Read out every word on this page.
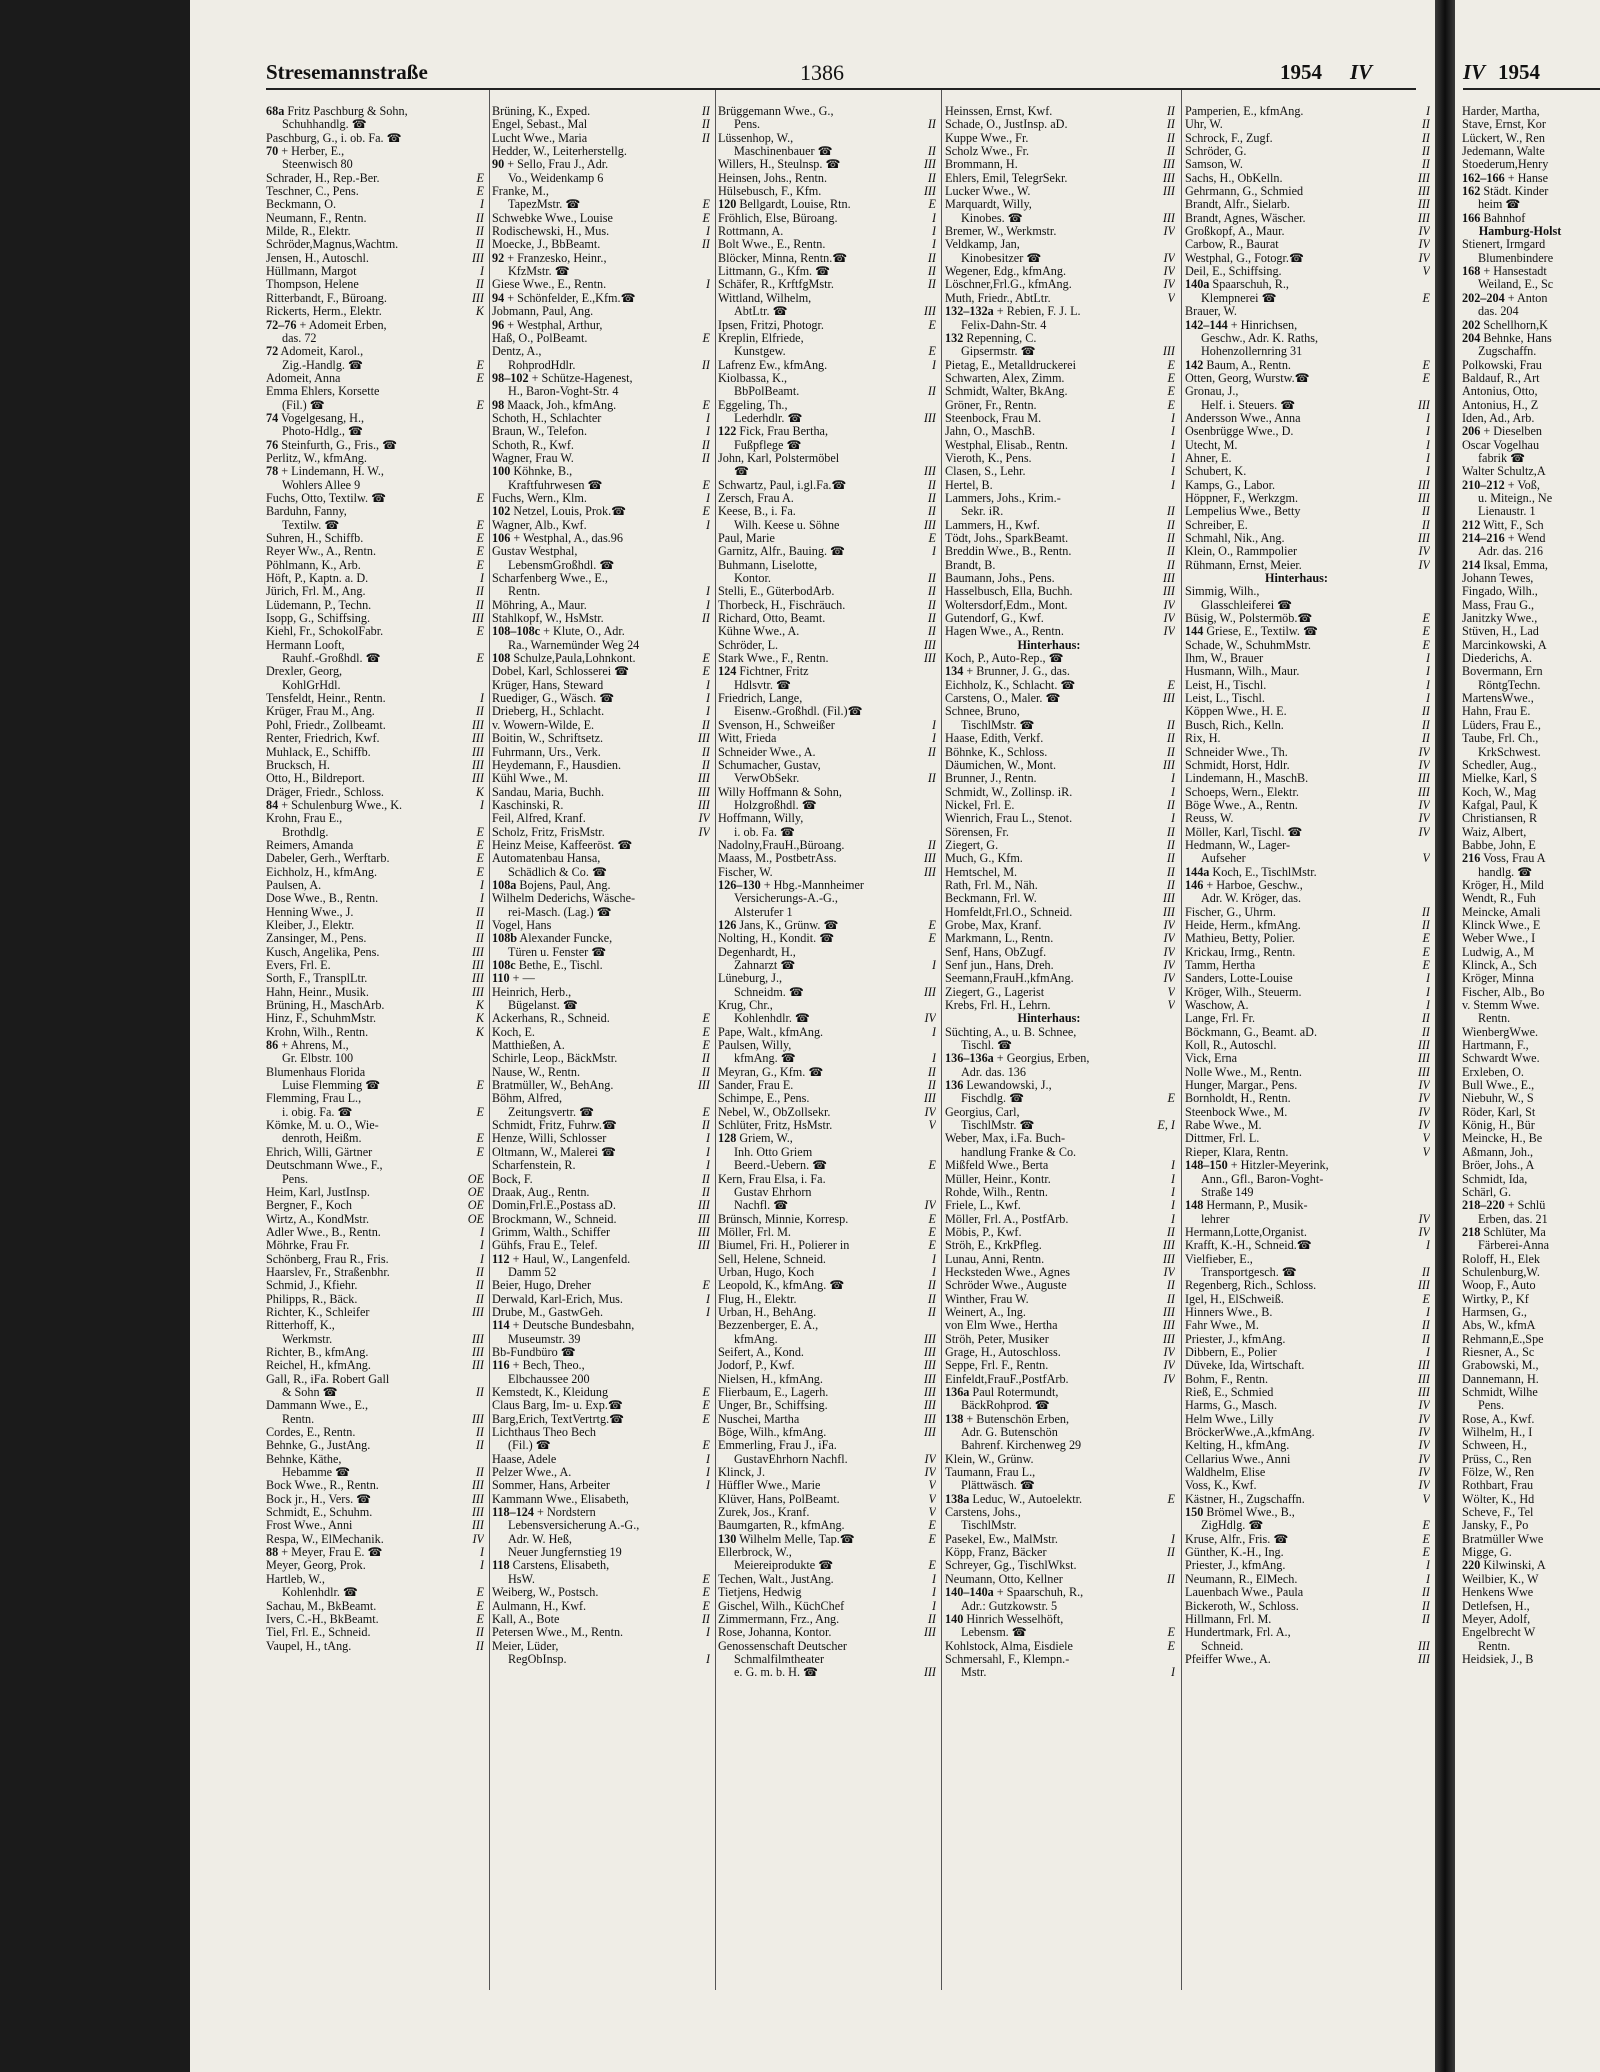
Stresemannstraße	1386	1954 IV	IV 1954
68a Fritz Paschburg & Sohn,
Schuhhandlg. ☎
Paschburg, G., i. ob. Fa. ☎
70 + Herber, E.,
Steenwisch 80
Schrader, H., Rep.-Ber.	E
Teschner, C., Pens.	E
Beckmann, O.	I
Neumann, F., Rentn.	II
Milde, R., Elektr.	II
Schröder,Magnus,Wachtm.	II
Jensen, H., Autoschl.	III
Hüllmann, Margot	I
Thompson, Helene	II
Ritterbandt, F., Büroang.	III
Rickerts, Herm., Elektr.	K
72–76 + Adomeit Erben,
das. 72
72 Adomeit, Karol.,
Zig.-Handlg. ☎	E
Adomeit, Anna	E
Emma Ehlers, Korsette
(Fil.) ☎	E
74 Vogelgesang, H.,
Photo-Hdlg., ☎
76 Steinfurth, G., Fris., ☎
Perlitz, W., kfmAng.
78 + Lindemann, H. W.,
Wohlers Allee 9
Fuchs, Otto, Textilw. ☎	E
Barduhn, Fanny,
Textilw. ☎	E
Suhren, H., Schiffb.	E
Reyer Ww., A., Rentn.	E
Pöhlmann, K., Arb.	E
Höft, P., Kaptn. a. D.	I
Jürich, Frl. M., Ang.	II
Lüdemann, P., Techn.	II
Isopp, G., Schiffsing.	III
Kiehl, Fr., SchokolFabr.	E
Hermann Looft,
Rauhf.-Großhdl. ☎	E
Drexler, Georg,
KohlGrHdl.
Tensfeldt, Heinr., Rentn.	I
Krüger, Frau M., Ang.	II
Pohl, Friedr., Zollbeamt.	III
Renter, Friedrich, Kwf.	III
Muhlack, E., Schiffb.	III
Brucksch, H.	III
Otto, H., Bildreport.	III
Dräger, Friedr., Schloss.	K
84 + Schulenburg Wwe., K.	I
Krohn, Frau E.,
Brothdlg.	E
Reimers, Amanda	E
Dabeler, Gerh., Werftarb.	E
Eichholz, H., kfmAng.	E
Paulsen, A.	I
Dose Wwe., B., Rentn.	I
Henning Wwe., J.	II
Kleiber, J., Elektr.	II
Zansinger, M., Pens.	II
Kusch, Angelika, Pens.	III
Evers, Frl. E.	III
Sorth, F., TransplLtr.	III
Hahn, Heinr., Musik.	III
Brüning, H., MaschArb.	K
Hinz, F., SchuhmMstr.	K
Krohn, Wilh., Rentn.	K
86 + Ahrens, M.,
Gr. Elbstr. 100
Blumenhaus Florida
Luise Flemming ☎	E
Flemming, Frau L.,
i. obig. Fa. ☎	E
Kömke, M. u. O., Wie-
denroth, Heißm.	E
Ehrich, Willi, Gärtner	E
Deutschmann Wwe., F.,
Pens.	OE
Heim, Karl, JustInsp.	OE
Bergner, F., Koch	OE
Wirtz, A., KondMstr.	OE
Adler Wwe., B., Rentn.	I
Möhrke, Frau Fr.	I
Schönberg, Frau R., Fris.	I
Haarslev, Fr., Straßenbhr.	II
Schmid, J., Kfiehr.	II
Philipps, R., Bäck.	II
Richter, K., Schleifer	III
Ritterhoff, K.,
Werkmstr.	III
Richter, B., kfmAng.	III
Reichel, H., kfmAng.	III
Gall, R., iFa. Robert Gall
& Sohn ☎	II
Dammann Wwe., E.,
Rentn.	III
Cordes, E., Rentn.	II
Behnke, G., JustAng.	II
Behnke, Käthe,
Hebamme ☎	II
Bock Wwe., R., Rentn.	III
Bock jr., H., Vers. ☎	III
Schmidt, E., Schuhm.	III
Frost Wwe., Anni	III
Respa, W., ElMechanik.	IV
88 + Meyer, Frau E. ☎	I
Meyer, Georg, Prok.	I
Hartleb, W.,
Kohlenhdlr. ☎	E
Sachau, M., BkBeamt.	E
Ivers, C.-H., BkBeamt.	E
Tiel, Frl. E., Schneid.	II
Vaupel, H., tAng.	II
Brüning, K., Exped.	II
Engel, Sebast., Mal	II
Lucht Wwe., Maria	II
Hedder, W., Leiterherstellg.
90 + Sello, Frau J., Adr.
Vo., Weidenkamp 6
Franke, M.,
TapezMstr. ☎	E
Schwebke Wwe., Louise	E
Rodischewski, H., Mus.	I
Moecke, J., BbBeamt.	II
92 + Franzesko, Heinr.,
KfzMstr. ☎
Giese Wwe., E., Rentn.	I
94 + Schönfelder, E.,Kfm.☎
Jobmann, Paul, Ang.
96 + Westphal, Arthur,
Haß, O., PolBeamt.	E
Dentz, A.,
RohprodHdlr.	II
98–102 + Schütze-Hagenest,
H., Baron-Voght-Str. 4
98 Maack, Joh., kfmAng.	E
Schoth, H., Schlachter	I
Braun, W., Telefon.	I
Schoth, R., Kwf.	II
Wagner, Frau W.	II
100 Köhnke, B.,
Kraftfuhrwesen ☎	E
Fuchs, Wern., Klm.	I
102 Netzel, Louis, Prok.☎	E
Wagner, Alb., Kwf.	I
106 + Westphal, A., das.96
Gustav Westphal,
LebensmGroßhdl. ☎
Scharfenberg Wwe., E.,
Rentn.	I
Möhring, A., Maur.	I
Stahlkopf, W., HsMstr.	II
108–108c + Klute, O., Adr.
Ra., Warnemünder Weg 24
108 Schulze,Paula,Lohnkont.	E
Dobel, Karl, Schlosserei ☎	E
Krüger, Hans, Steward	I
Ruediger, G., Wäsch. ☎	I
Drieberg, H., Schlacht.	I
v. Wowern-Wilde, E.	II
Boitin, W., Schriftsetz.	III
Fuhrmann, Urs., Verk.	II
Heydemann, F., Hausdien.	II
Kühl Wwe., M.	III
Sandau, Maria, Buchh.	III
Kaschinski, R.	III
Feil, Alfred, Kranf.	IV
Scholz, Fritz, FrisMstr.	IV
Heinz Meise, Kaffeeröst. ☎
Automatenbau Hansa,
Schädlich & Co. ☎
108a Bojens, Paul, Ang.
Wilhelm Dederichs, Wäsche-
rei-Masch. (Lag.) ☎
Vogel, Hans
108b Alexander Funcke,
Türen u. Fenster ☎
108c Bethe, E., Tischl.
110 + —
Heinrich, Herb.,
Bügelanst. ☎
Ackerhans, R., Schneid.	E
Koch, E.	E
Matthießen, A.	E
Schirle, Leop., BäckMstr.	II
Nause, W., Rentn.	II
Bratmüller, W., BehAng.	III
Böhm, Alfred,
Zeitungsvertr. ☎	E
Schmidt, Fritz, Fuhrw.☎	II
Henze, Willi, Schlosser	I
Oltmann, W., Malerei ☎	I
Scharfenstein, R.	I
Bock, F.	II
Draak, Aug., Rentn.	II
Domin,Frl.E.,Postass aD.	III
Brockmann, W., Schneid.	III
Grimm, Walth., Schiffer	III
Gühfs, Frau E., Telef.	III
112 + Haul, W., Langenfeld.
Damm 52
Beier, Hugo, Dreher	E
Derwald, Karl-Erich, Mus.	I
Drube, M., GastwGeh.	I
114 + Deutsche Bundesbahn,
Museumstr. 39
Bb-Fundbüro ☎
116 + Bech, Theo.,
Elbchaussee 200
Kemstedt, K., Kleidung	E
Claus Barg, Im- u. Exp.☎	E
Barg,Erich, TextVertrtg.☎	E
Lichthaus Theo Bech
(Fil.) ☎	E
Haase, Adele	I
Pelzer Wwe., A.	I
Sommer, Hans, Arbeiter	I
Kammann Wwe., Elisabeth,
118–124 + Nordstern
Lebensversicherung A.-G.,
Adr. W. Heß,
Neuer Jungfernstieg 19
118 Carstens, Elisabeth,
HsW.	E
Weiberg, W., Postsch.	E
Aulmann, H., Kwf.	E
Kall, A., Bote	II
Petersen Wwe., M., Rentn.	I
Meier, Lüder,
RegObInsp.	I
Brüggemann Wwe., G.,
Pens.	II
Lüssenhop, W.,
Maschinenbauer ☎	II
Willers, H., Steulnsp. ☎	III
Heinsen, Johs., Rentn.	II
Hülsebusch, F., Kfm.	III
120 Bellgardt, Louise, Rtn.	E
Fröhlich, Else, Büroang.	I
Rottmann, A.	I
Bolt Wwe., E., Rentn.	I
Blöcker, Minna, Rentn.☎	II
Littmann, G., Kfm. ☎	II
Schäfer, R., KrftfgMstr.	II
Wittland, Wilhelm,
AbtLtr. ☎	III
Ipsen, Fritzi, Photogr.	E
Kreplin, Elfriede,
Kunstgew.	E
Lafrenz Ew., kfmAng.	I
Kiolbassa, K.,
BbPolBeamt.	II
Eggeling, Th.,
Lederhdlr. ☎	III
122 Fick, Frau Bertha,
Fußpflege ☎
John, Karl, Polstermöbel
☎	III
Schwartz, Paul, i.gl.Fa.☎	II
Zersch, Frau A.	II
Keese, B., i. Fa.	II
Wilh. Keese u. Söhne	III
Paul, Marie	E
Garnitz, Alfr., Bauing. ☎	I
Buhmann, Liselotte,
Kontor.	II
Stelli, E., GüterbodArb.	II
Thorbeck, H., Fischräuch.	II
Richard, Otto, Beamt.	II
Kühne Wwe., A.	II
Schröder, L.	III
Stark Wwe., F., Rentn.	III
124 Fichtner, Fritz
Hdlsvtr. ☎
Friedrich, Lange,
Eisenw.-Großhdl. (Fil.)☎
Svenson, H., Schweißer	I
Witt, Frieda	I
Schneider Wwe., A.	II
Schumacher, Gustav,
VerwObSekr.	II
Willy Hoffmann & Sohn,
Holzgroßhdl. ☎
Hoffmann, Willy,
i. ob. Fa. ☎
Nadolny,FrauH.,Büroang.	II
Maass, M., PostbetrAss.	III
Fischer, W.	III
126–130 + Hbg.-Mannheimer
Versicherungs-A.-G.,
Alsterufer 1
126 Jans, K., Grünw. ☎	E
Nolting, H., Kondit. ☎	E
Degenhardt, H.,
Zahnarzt ☎	I
Lüneburg, J.,
Schneidm. ☎	III
Krug, Chr.,
Kohlenhdlr. ☎	IV
Pape, Walt., kfmAng.	I
Paulsen, Willy,
kfmAng. ☎	I
Meyran, G., Kfm. ☎	II
Sander, Frau E.	II
Schimpe, E., Pens.	III
Nebel, W., ObZollsekr.	IV
Schlüter, Fritz, HsMstr.	V
128 Griem, W.,
Inh. Otto Griem
Beerd.-Uebern. ☎	E
Kern, Frau Elsa, i. Fa.
Gustav Ehrhorn
Nachfl. ☎	IV
Brünsch, Minnie, Korresp.	E
Möller, Frl. M.	E
Biumel, Fri. H., Polierer in	E
Sell, Helene, Schneid.	I
Urban, Hugo, Koch	I
Leopold, K., kfmAng. ☎	II
Flug, H., Elektr.	II
Urban, H., BehAng.	II
Bezzenberger, E. A.,
kfmAng.	III
Seifert, A., Kond.	III
Jodorf, P., Kwf.	III
Nielsen, H., kfmAng.	III
Flierbaum, E., Lagerh.	III
Unger, Br., Schiffsing.	III
Nuschei, Martha	III
Böge, Wilh., kfmAng.	III
Emmerling, Frau J., iFa.
GustavEhrhorn Nachfl.	IV
Klinck, J.	IV
Hüffler Wwe., Marie	V
Klüver, Hans, PolBeamt.	V
Zurek, Jos., Kranf.	V
Baumgarten, R., kfmAng.	E
130 Wilhelm Melle, Tap.☎	E
Ellerbrock, W.,
Meiereiprodukte ☎	E
Techen, Walt., JustAng.	I
Tietjens, Hedwig	I
Gischel, Wilh., KüchChef	I
Zimmermann, Frz., Ang.	II
Rose, Johanna, Kontor.	III
Genossenschaft Deutscher
Schmalfilmtheater
e. G. m. b. H. ☎	III
Heinssen, Ernst, Kwf.	II
Schade, O., JustInsp. aD.	II
Kuppe Wwe., Fr.	II
Scholz Wwe., Fr.	II
Brommann, H.	III
Ehlers, Emil, TelegrSekr.	III
Lucker Wwe., W.	III
Marquardt, Willy,
Kinobes. ☎	III
Bremer, W., Werkmstr.	IV
Veldkamp, Jan,
Kinobesitzer ☎	IV
Wegener, Edg., kfmAng.	IV
Löschner,Frl.G., kfmAng.	IV
Muth, Friedr., AbtLtr.	V
132–132a + Rebien, F. J. L.
Felix-Dahn-Str. 4
132 Repenning, C.
Gipsermstr. ☎	III
Pietag, E., Metalldruckerei	E
Schwarten, Alex, Zimm.	E
Schmidt, Walter, BkAng.	E
Gröner, Fr., Rentn.	E
Steenbock, Frau M.	I
Jahn, O., MaschB.	I
Westphal, Elisab., Rentn.	I
Vieroth, K., Pens.	I
Clasen, S., Lehr.	I
Hertel, B.	I
Lammers, Johs., Krim.-
Sekr. iR.	II
Lammers, H., Kwf.	II
Tödt, Johs., SparkBeamt.	II
Breddin Wwe., B., Rentn.	II
Brandt, B.	II
Baumann, Johs., Pens.	III
Hasselbusch, Ella, Buchh.	III
Woltersdorf,Edm., Mont.	IV
Gutendorf, G., Kwf.	IV
Hagen Wwe., A., Rentn.	IV
Hinterhaus:
Koch, P., Auto-Rep., ☎
134 + Brunner, J. G., das.
Eichholz, K., Schlacht. ☎	E
Carstens, O., Maler. ☎	III
Schnee, Bruno,
TischlMstr. ☎	II
Haase, Edith, Verkf.	II
Böhnke, K., Schloss.	II
Däumichen, W., Mont.	III
Brunner, J., Rentn.	I
Schmidt, W., Zollinsp. iR.	I
Nickel, Frl. E.	II
Wienrich, Frau L., Stenot.	I
Sörensen, Fr.	II
Ziegert, G.	II
Much, G., Kfm.	II
Hemtschel, M.	II
Rath, Frl. M., Näh.	II
Beckmann, Frl. W.	III
Homfeldt,Frl.O., Schneid.	III
Grobe, Max, Kranf.	IV
Markmann, L., Rentn.	IV
Senf, Hans, ObZugf.	IV
Senf jun., Hans, Dreh.	IV
Seemann,FrauH.,kfmAng.	IV
Ziegert, G., Lagerist	V
Krebs, Frl. H., Lehrn.	V
Hinterhaus:
Süchting, A., u. B. Schnee,
Tischl. ☎
136–136a + Georgius, Erben,
Adr. das. 136
136 Lewandowski, J.,
Fischdlg. ☎	E
Georgius, Carl,
TischlMstr. ☎	E, I
Weber, Max, i.Fa. Buch-
handlung Franke & Co.
Mißfeld Wwe., Berta	I
Müller, Heinr., Kontr.	I
Rohde, Wilh., Rentn.	I
Friele, L., Kwf.	I
Möller, Frl. A., PostfArb.	I
Möbis, P., Kwf.	II
Ströh, E., KrkPfleg.	III
Lunau, Anni, Rentn.	III
Heckstedеn Wwe., Agnes	IV
Schröder Wwe., Auguste	II
Winther, Frau W.	II
Weinert, A., Ing.	III
von Elm Wwe., Hertha	III
Ströh, Peter, Musiker	III
Grage, H., Autoschloss.	IV
Seppe, Frl. F., Rentn.	IV
Einfeldt,FrauF.,PostfArb.	IV
136a Paul Rotermundt,
BäckRohprod. ☎
138 + Butenschön Erben,
Adr. G. Butenschön
Bahrenf. Kirchenweg 29
Klein, W., Grünw.
Taumann, Frau L.,
Plättwäsch. ☎
138a Leduc, W., Autoelektr.	E
Carstens, Johs.,
TischlMstr.
Pasekel, Ew., MalMstr.	I
Köpp, Franz, Bäcker	II
Schreyer, Gg., TischlWkst.
Neumann, Otto, Kellner	II
140–140a + Spaarschuh, R.,
Adr.: Gutzkowstr. 5
140 Hinrich Wesselhöft,
Lebensm. ☎	E
Kohlstock, Alma, Eisdiele	E
Schmersahl, F., Klempn.-
Mstr.	I
Pamperien, E., kfmAng.	I
Uhr, W.	II
Schrock, F., Zugf.	II
Schröder, G.	II
Samson, W.	II
Sachs, H., ObKelln.	III
Gehrmann, G., Schmied	III
Brandt, Alfr., Sielarb.	III
Brandt, Agnes, Wäscher.	III
Großkopf, A., Maur.	IV
Carbow, R., Baurat	IV
Westphal, G., Fotogr.☎	IV
Deil, E., Schiffsing.	V
140a Spaarschuh, R.,
Klempnerei ☎	E
Brauer, W.
142–144 + Hinrichsen,
Geschw., Adr. K. Raths,
Hohenzollernring 31
142 Baum, A., Rentn.	E
Otten, Georg, Wurstw.☎	E
Gronau, J.,
Helf. i. Steuers. ☎	III
Andersson Wwe., Anna	I
Osenbrügge Wwe., D.	I
Utecht, M.	I
Ahner, E.	I
Schubert, K.	I
Kamps, G., Labor.	III
Höppner, F., Werkzgm.	III
Lempelius Wwe., Betty	II
Schreiber, E.	II
Schmahl, Nik., Ang.	III
Klein, O., Rammpolier	IV
Rühmann, Ernst, Meier.	IV
Hinterhaus:
Simmig, Wilh.,
Glasschleiferei ☎
Büsig, W., Polstermöb.☎	E
144 Griese, E., Textilw. ☎	E
Schade, W., SchuhmMstr.	E
Ihm, W., Brauer	I
Husmann, Wilh., Maur.	I
Leist, H., Tischl.	I
Leist, L., Tischl.	I
Köppen Wwe., H. E.	II
Busch, Rich., Kelln.	II
Rix, H.	II
Schneider Wwe., Th.	IV
Schmidt, Horst, Hdlr.	IV
Lindemann, H., MaschB.	III
Schoeps, Wern., Elektr.	III
Böge Wwe., A., Rentn.	IV
Reuss, W.	IV
Möller, Karl, Tischl. ☎	IV
Hedmann, W., Lager-
Aufseher	V
144a Koch, E., TischlMstr.
146 + Harboe, Geschw.,
Adr. W. Kröger, das.
Fischer, G., Uhrm.	II
Heide, Herm., kfmAng.	II
Mathieu, Betty, Polier.	E
Krickau, Irmg., Rentn.	E
Tamm, Hertha	E
Sanders, Lotte-Louise	I
Kröger, Wilh., Steuerm.	I
Waschow, A.	I
Lange, Frl. Fr.	II
Böckmann, G., Beamt. aD.	II
Koll, R., Autoschl.	III
Vick, Erna	III
Nolle Wwe., M., Rentn.	III
Hunger, Margar., Pens.	IV
Bornholdt, H., Rentn.	IV
Steenbock Wwe., M.	IV
Rabe Wwe., M.	IV
Dittmer, Frl. L.	V
Rieper, Klara, Rentn.	V
148–150 + Hitzler-Meyerink,
Ann., Gfl., Baron-Voght-
Straße 149
148 Hermann, P., Musik-
lehrer	IV
Hermann,Lotte,Organist.	IV
Krafft, K.-H., Schneid.☎	I
Vielfieber, E.,
Transportgesch. ☎	II
Regenberg, Rich., Schloss.	III
Igel, H., ElSchweiß.	E
Hinners Wwe., B.	I
Fahr Wwe., M.	II
Priester, J., kfmAng.	II
Dibbern, E., Polier	I
Düveke, Ida, Wirtschaft.	III
Bohm, F., Rentn.	III
Rieß, E., Schmied	III
Harms, G., Masch.	IV
Helm Wwe., Lilly	IV
BröckerWwe.,A.,kfmAng.	IV
Kelting, H., kfmAng.	IV
Cellarius Wwe., Anni	IV
Waldhelm, Elise	IV
Voss, K., Kwf.	IV
Kästner, H., Zugschaffn.	V
150 Brömel Wwe., B.,
ZigHdlg. ☎	E
Kruse, Alfr., Fris. ☎	E
Günther, K.-H., Ing.	E
Priester, J., kfmAng.	I
Neumann, R., ElMech.	I
Lauenbach Wwe., Paula	II
Bickeroth, W., Schloss.	II
Hillmann, Frl. M.	II
Hundertmark, Frl. A.,
Schneid.	III
Pfeiffer Wwe., A.	III
Harder, Martha,
Stave, Ernst, Kor
Lückert, W., Ren
Jedemann, Walte
Stoederum,Henry
162–166 + Hanse
162 Städt. Kinder
heim ☎
166 Bahnhof
Hamburg-Holst
Stienert, Irmgard
Blumenbindere
168 + Hansestadt
Weiland, E., Sc
202–204 + Anton
das. 204
202 Schellhorn,K
204 Behnke, Hans
Zugschaffn.
Polkowski, Frau
Baldauf, R., Art
Antonius, Otto,
Antonius, H., Z
Iden, Ad., Arb.
206 + Dieselben
Oscar Vogelhau
fabrik ☎
Walter Schultz,A
210–212 + Voß,
u. Miteign., Ne
Lienaustr. 1
212 Witt, F., Sch
214–216 + Wend
Adr. das. 216
214 Iksal, Emma,
Johann Tewes,
Fingado, Wilh.,
Mass, Frau G.,
Janitzky Wwe.,
Stüven, H., Lad
Marcinkowski, A
Diederichs, A.
Bovermann, Ern
RöntgTechn.
MartensWwe.,
Hahn, Frau E.
Lüders, Frau E.,
Taube, Frl. Ch.,
KrkSchwest.
Schedler, Aug.,
Mielke, Karl, S
Koch, W., Mag
Kafgal, Paul, K
Christiansen, R
Waiz, Albert,
Babbe, John, E
216 Voss, Frau A
handlg. ☎
Kröger, H., Mild
Wendt, R., Fuh
Meincke, Amali
Klinck Wwe., E
Weber Wwe., I
Ludwig, A., M
Klinck, A., Sch
Kröger, Minna
Fischer, Alb., Bo
v. Stemm Wwe.
Rentn.
WienbergWwe.
Hartmann, F.,
Schwardt Wwe.
Erxleben, O.
Bull Wwe., E.,
Niebuhr, W., S
Röder, Karl, St
König, H., Bür
Meincke, H., Be
Aßmann, Joh.,
Bröer, Johs., A
Schmidt, Ida,
Schärl, G.
218–220 + Schlü
Erben, das. 21
218 Schlüter, Ma
Färberei-Anna
Roloff, H., Elek
Schulenburg,W.
Woop, F., Auto
Wirtky, P., Kf
Harmsen, G.,
Abs, W., kfmA
Rehmann,E.,Spe
Riesner, A., Sc
Grabowski, M.,
Dannemann, H.
Schmidt, Wilhe
Pens.
Rose, A., Kwf.
Wilhelm, H., I
Schween, H.,
Prüss, C., Ren
Fölze, W., Ren
Rothbart, Frau
Wölter, K., Hd
Scheve, F., Tel
Jansky, F., Po
Bratmüller Wwe
Migge, G.
220 Kilwinski, A
Weilbier, K., W
Henkens Wwe
Detlefsen, H.,
Meyer, Adolf,
Engelbrecht W
Rentn.
Heidsiek, J., B
